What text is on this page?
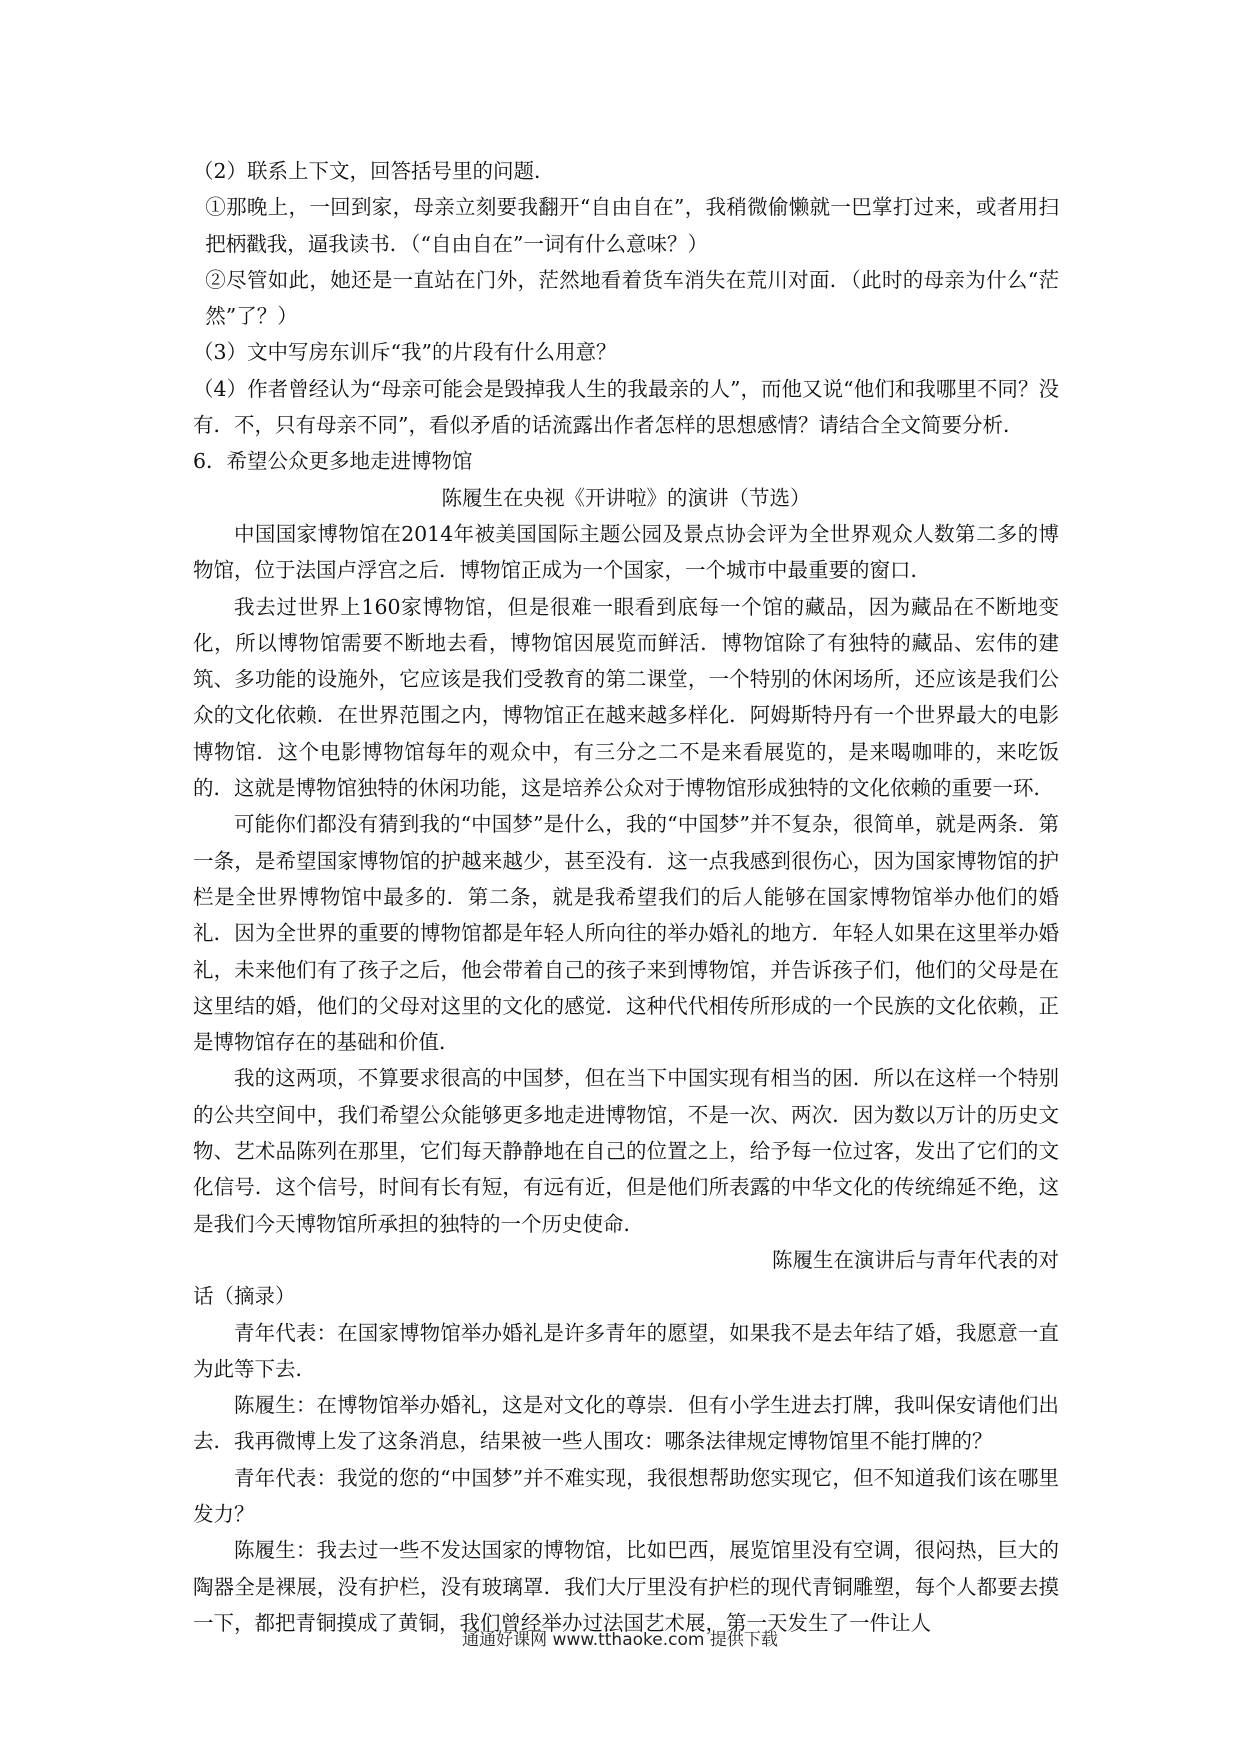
（2）联系上下文，回答括号里的问题．

①那晚上，一回到家，母亲立刻要我翻开“自由自在”，我稍微偷懒就一巴掌打过来，或者用扫把柄戳我，逼我读书．（“自由自在”一词有什么意味？）

②尽管如此，她还是一直站在门外，茫然地看着货车消失在荒川对面．（此时的母亲为什么“茫然”了？）

（3）文中写房东训斥“我”的片段有什么用意？

（4）作者曾经认为“母亲可能会是毁掉我人生的我最亲的人”，而他又说“他们和我哪里不同？没有．不，只有母亲不同”，看似矛盾的话流露出作者怎样的思想感情？请结合全文简要分析．

6．希望公众更多地走进博物馆

陈履生在央视《开讲啦》的演讲（节选）

中国国家博物馆在2014年被美国国际主题公园及景点协会评为全世界观众人数第二多的博物馆，位于法国卢浮宫之后．博物馆正成为一个国家，一个城市中最重要的窗口．

我去过世界上160家博物馆，但是很难一眼看到底每一个馆的藏品，因为藏品在不断地变化，所以博物馆需要不断地去看，博物馆因展览而鲜活．博物馆除了有独特的藏品、宏伟的建筑、多功能的设施外，它应该是我们受教育的第二课堂，一个特别的休闲场所，还应该是我们公众的文化依赖．在世界范围之内，博物馆正在越来越多样化．阿姆斯特丹有一个世界最大的电影博物馆．这个电影博物馆每年的观众中，有三分之二不是来看展览的，是来喝咖啡的，来吃饭的．这就是博物馆独特的休闲功能，这是培养公众对于博物馆形成独特的文化依赖的重要一环．

可能你们都没有猜到我的“中国梦”是什么，我的“中国梦”并不复杂，很简单，就是两条．第一条，是希望国家博物馆的护越来越少，甚至没有．这一点我感到很伤心，因为国家博物馆的护栏是全世界博物馆中最多的．第二条，就是我希望我们的后人能够在国家博物馆举办他们的婚礼．因为全世界的重要的博物馆都是年轻人所向往的举办婚礼的地方．年轻人如果在这里举办婚礼，未来他们有了孩子之后，他会带着自己的孩子来到博物馆，并告诉孩子们，他们的父母是在这里结的婚，他们的父母对这里的文化的感觉．这种代代相传所形成的一个民族的文化依赖，正是博物馆存在的基础和价值．

我的这两项，不算要求很高的中国梦，但在当下中国实现有相当的困．所以在这样一个特别的公共空间中，我们希望公众能够更多地走进博物馆，不是一次、两次．因为数以万计的历史文物、艺术品陈列在那里，它们每天静静地在自己的位置之上，给予每一位过客，发出了它们的文化信号．这个信号，时间有长有短，有远有近，但是他们所表露的中华文化的传统绵延不绝，这是我们今天博物馆所承担的独特的一个历史使命．

陈履生在演讲后与青年代表的对

话（摘录）

青年代表：在国家博物馆举办婚礼是许多青年的愿望，如果我不是去年结了婚，我愿意一直为此等下去．

陈履生：在博物馆举办婚礼，这是对文化的尊崇．但有小学生进去打牌，我叫保安请他们出去．我再微博上发了这条消息，结果被一些人围攻：哪条法律规定博物馆里不能打牌的？

青年代表：我觉的您的“中国梦”并不难实现，我很想帮助您实现它，但不知道我们该在哪里发力？

陈履生：我去过一些不发达国家的博物馆，比如巴西，展览馆里没有空调，很闷热，巨大的陶器全是裸展，没有护栏，没有玻璃罩．我们大厅里没有护栏的现代青铜雕塑，每个人都要去摸一下，都把青铜摸成了黄铜，我们曾经举办过法国艺术展，第一天发生了一件让人

通通好课网 www.tthaoke.com 提供下载
